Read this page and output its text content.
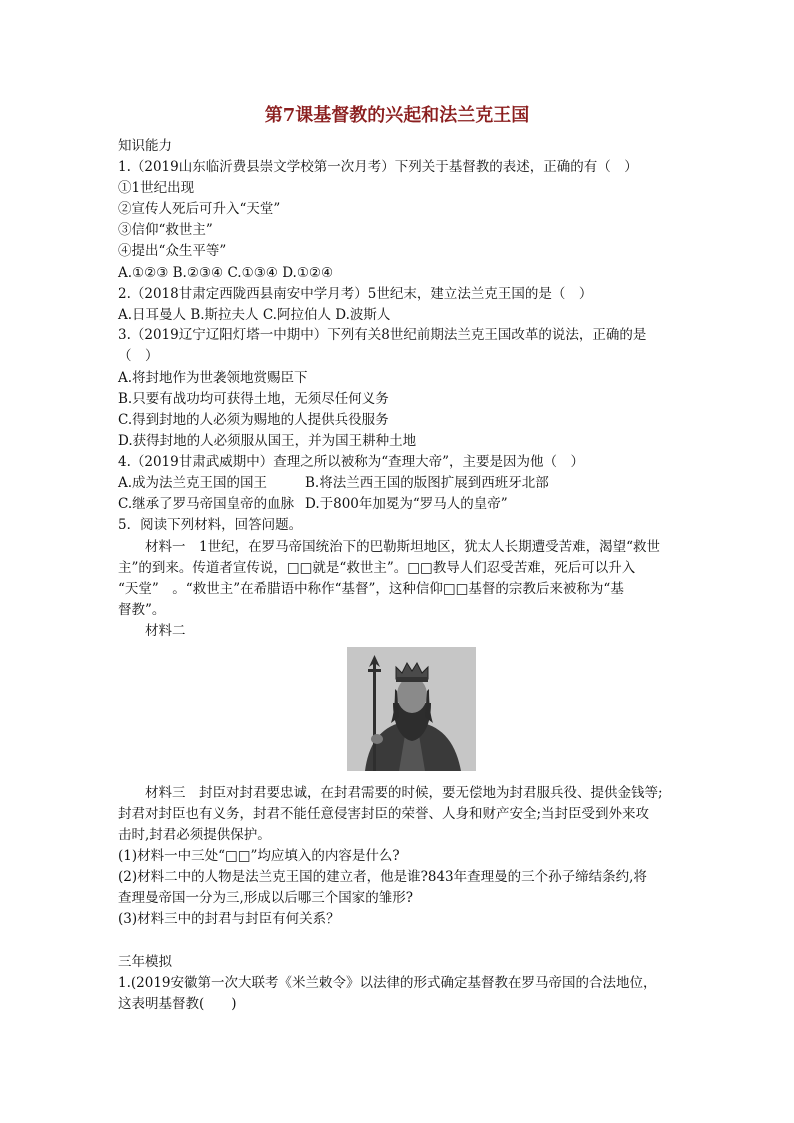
第7课基督教的兴起和法兰克王国
知识能力
1.（2019山东临沂费县崇文学校第一次月考）下列关于基督教的表述，正确的有（　）
①1世纪出现
②宣传人死后可升入“天堂”
③信仰“救世主”
④提出“众生平等”
A.①②③ B.②③④ C.①③④ D.①②④
2.（2018甘肃定西陇西县南安中学月考）5世纪末，建立法兰克王国的是（　）
A.日耳曼人 B.斯拉夫人 C.阿拉伯人 D.波斯人
3.（2019辽宁辽阳灯塔一中期中）下列有关8世纪前期法兰克王国改革的说法，正确的是
（　）
A.将封地作为世袭领地赏赐臣下
B.只要有战功均可获得土地，无须尽任何义务
C.得到封地的人必须为赐地的人提供兵役服务
D.获得封地的人必须服从国王，并为国王耕种土地
4.（2019甘肃武威期中）查理之所以被称为“查理大帝”，主要是因为他（　）
A.成为法兰克王国的国王	B.将法兰西王国的版图扩展到西班牙北部
C.继承了罗马帝国皇帝的血脉 D.于800年加冕为“罗马人的皇帝”
5．阅读下列材料，回答问题。
材料一　1世纪，在罗马帝国统治下的巴勒斯坦地区，犹太人长期遭受苦难，渴望“救世
主”的到来。传道者宣传说，□□就是“救世主”。□□教导人们忍受苦难，死后可以升入
“天堂”　。“救世主”在希腊语中称作“基督”，这种信仰□□基督的宗教后来被称为“基
督教”。
材料二
材料三　封臣对封君要忠诚，在封君需要的时候，要无偿地为封君服兵役、提供金钱等;
封君对封臣也有义务，封君不能任意侵害封臣的荣誉、人身和财产安全;当封臣受到外来攻
击时,封君必须提供保护。
(1)材料一中三处“□□”均应填入的内容是什么?
(2)材料二中的人物是法兰克王国的建立者，他是谁?843年查理曼的三个孙子缔结条约,将
查理曼帝国一分为三,形成以后哪三个国家的雏形?
(3)材料三中的封君与封臣有何关系？
三年模拟
1.(2019安徽第一次大联考《米兰敕令》以法律的形式确定基督教在罗马帝国的合法地位，
这表明基督教(　　)
